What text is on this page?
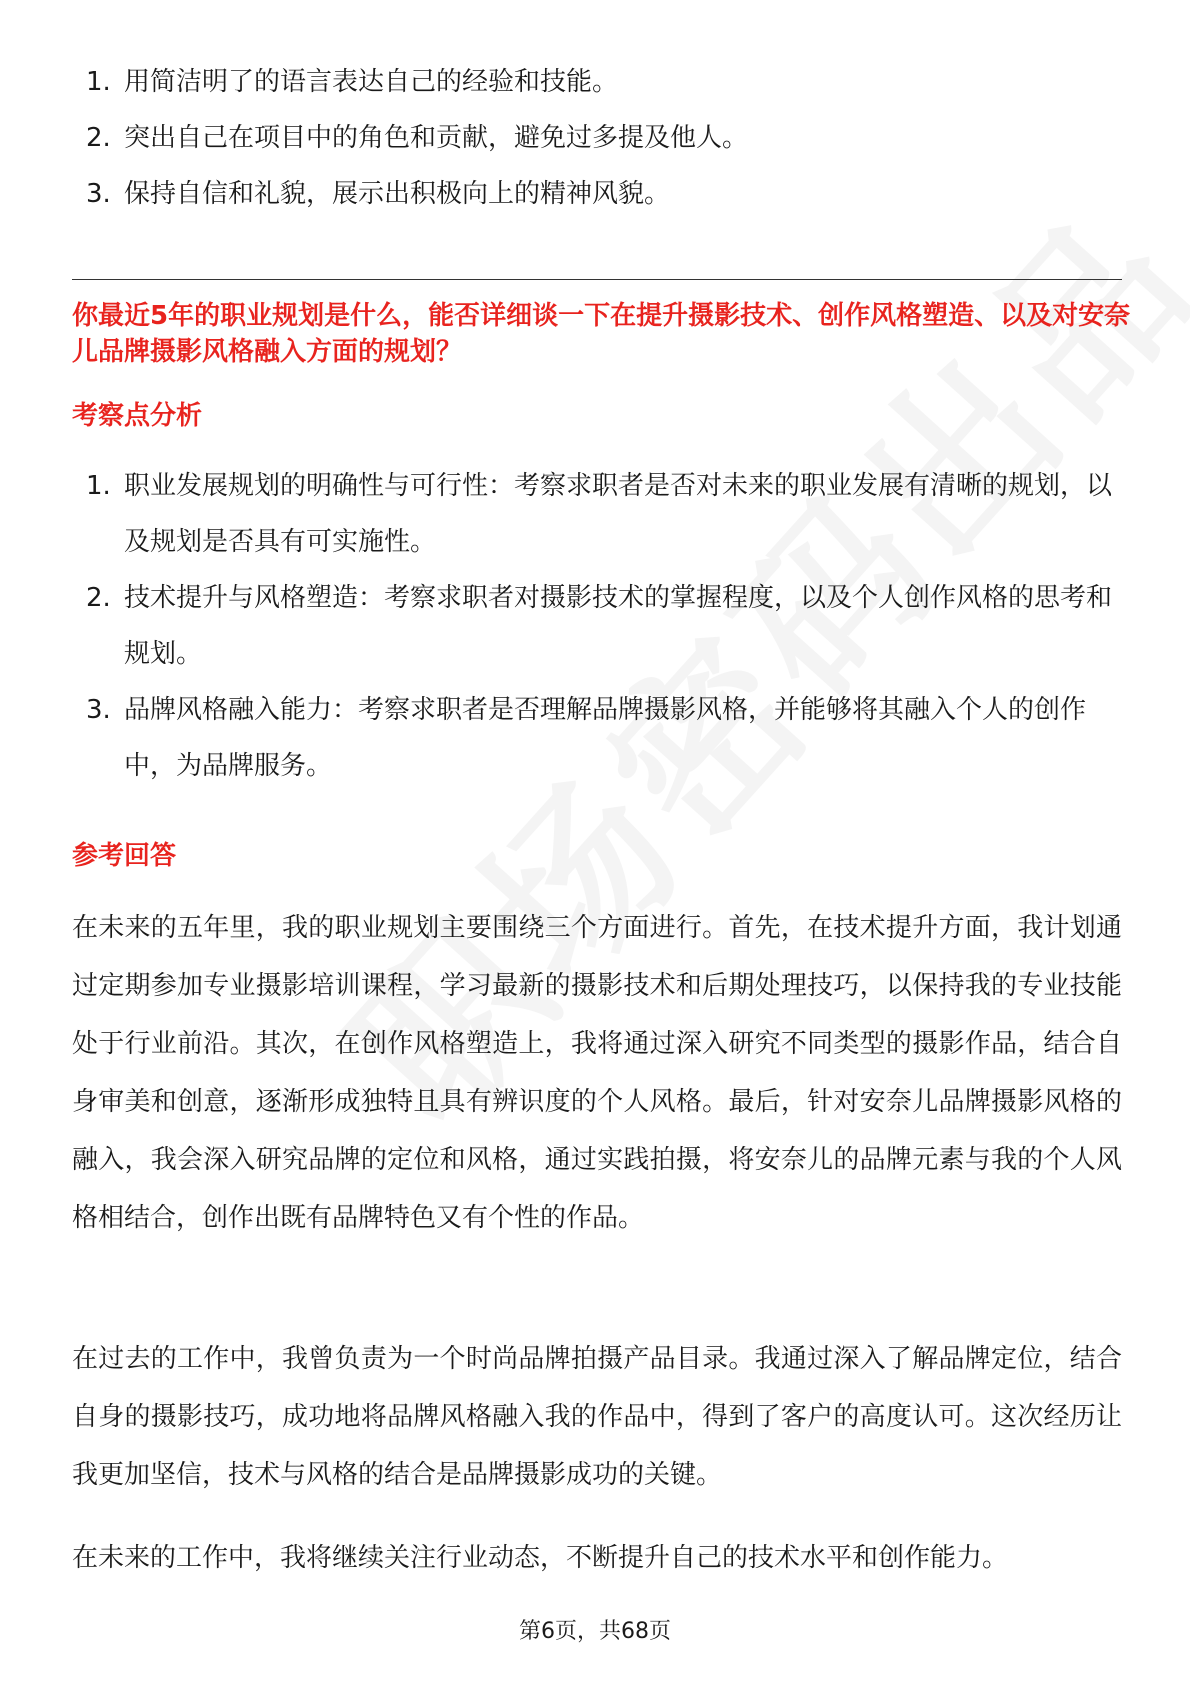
1. 用简洁明了的语言表达自己的经验和技能。
2. 突出自己在项目中的角色和贡献，避免过多提及他人。
3. 保持自信和礼貌，展示出积极向上的精神风貌。
你最近5年的职业规划是什么，能否详细谈一下在提升摄影技术、创作风格塑造、以及对安奈儿品牌摄影风格融入方面的规划？
考察点分析
1. 职业发展规划的明确性与可行性：考察求职者是否对未来的职业发展有清晰的规划，以及规划是否具有可实施性。
2. 技术提升与风格塑造：考察求职者对摄影技术的掌握程度，以及个人创作风格的思考和规划。
3. 品牌风格融入能力：考察求职者是否理解品牌摄影风格，并能够将其融入个人的创作中，为品牌服务。
参考回答

在未来的五年里，我的职业规划主要围绕三个方面进行。首先，在技术提升方面，我计划通过定期参加专业摄影培训课程，学习最新的摄影技术和后期处理技巧，以保持我的专业技能处于行业前沿。其次，在创作风格塑造上，我将通过深入研究不同类型的摄影作品，结合自身审美和创意，逐渐形成独特且具有辨识度的个人风格。最后，针对安奈儿品牌摄影风格的融入，我会深入研究品牌的定位和风格，通过实践拍摄，将安奈儿的品牌元素与我的个人风格相结合，创作出既有品牌特色又有个性的作品。

在过去的工作中，我曾负责为一个时尚品牌拍摄产品目录。我通过深入了解品牌定位，结合自身的摄影技巧，成功地将品牌风格融入我的作品中，得到了客户的高度认可。这次经历让我更加坚信，技术与风格的结合是品牌摄影成功的关键。

在未来的工作中，我将继续关注行业动态，不断提升自己的技术水平和创作能力。

第6页，共68页
